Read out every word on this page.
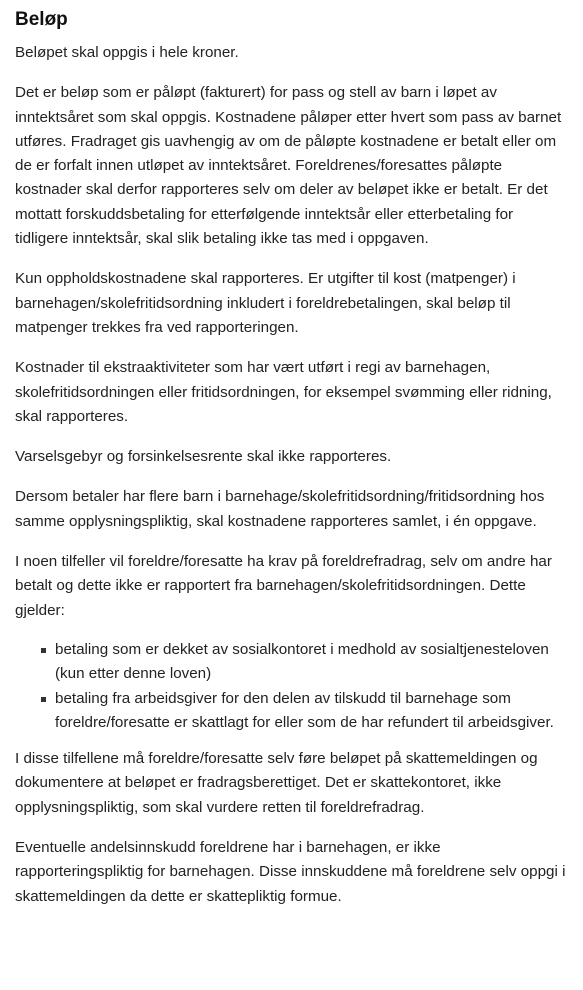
Beløp

Beløpet skal oppgis i hele kroner.

Det er beløp som er påløpt (fakturert) for pass og stell av barn i løpet av inntektsåret som skal oppgis. Kostnadene påløper etter hvert som pass av barnet utføres. Fradraget gis uavhengig av om de påløpte kostnadene er betalt eller om de er forfalt innen utløpet av inntektsåret. Foreldrenes/foresattes påløpte kostnader skal derfor rapporteres selv om deler av beløpet ikke er betalt. Er det mottatt forskuddsbetaling for etterfølgende inntektsår eller etterbetaling for tidligere inntektsår, skal slik betaling ikke tas med i oppgaven.

Kun oppholdskostnadene skal rapporteres. Er utgifter til kost (matpenger) i barnehagen/skolefritidsordning inkludert i foreldrebetalingen, skal beløp til matpenger trekkes fra ved rapporteringen.

Kostnader til ekstraaktiviteter som har vært utført i regi av barnehagen, skolefritidsordningen eller fritidsordningen, for eksempel svømming eller ridning, skal rapporteres.

Varselsgebyr og forsinkelsesrente skal ikke rapporteres.

Dersom betaler har flere barn i barnehage/skolefritidsordning/fritidsordning hos samme opplysningspliktig, skal kostnadene rapporteres samlet, i én oppgave.

I noen tilfeller vil foreldre/foresatte ha krav på foreldrefradrag, selv om andre har betalt og dette ikke er rapportert fra barnehagen/skolefritidsordningen. Dette gjelder:

betaling som er dekket av sosialkontoret i medhold av sosialtjenesteloven (kun etter denne loven)
betaling fra arbeidsgiver for den delen av tilskudd til barnehage som foreldre/foresatte er skattlagt for eller som de har refundert til arbeidsgiver.

I disse tilfellene må foreldre/foresatte selv føre beløpet på skattemeldingen og dokumentere at beløpet er fradragsberettiget. Det er skattekontoret, ikke opplysningspliktig, som skal vurdere retten til foreldrefradrag.

Eventuelle andelsinnskudd foreldrene har i barnehagen, er ikke rapporteringspliktig for barnehagen. Disse innskuddene må foreldrene selv oppgi i skattemeldingen da dette er skattepliktig formue.
